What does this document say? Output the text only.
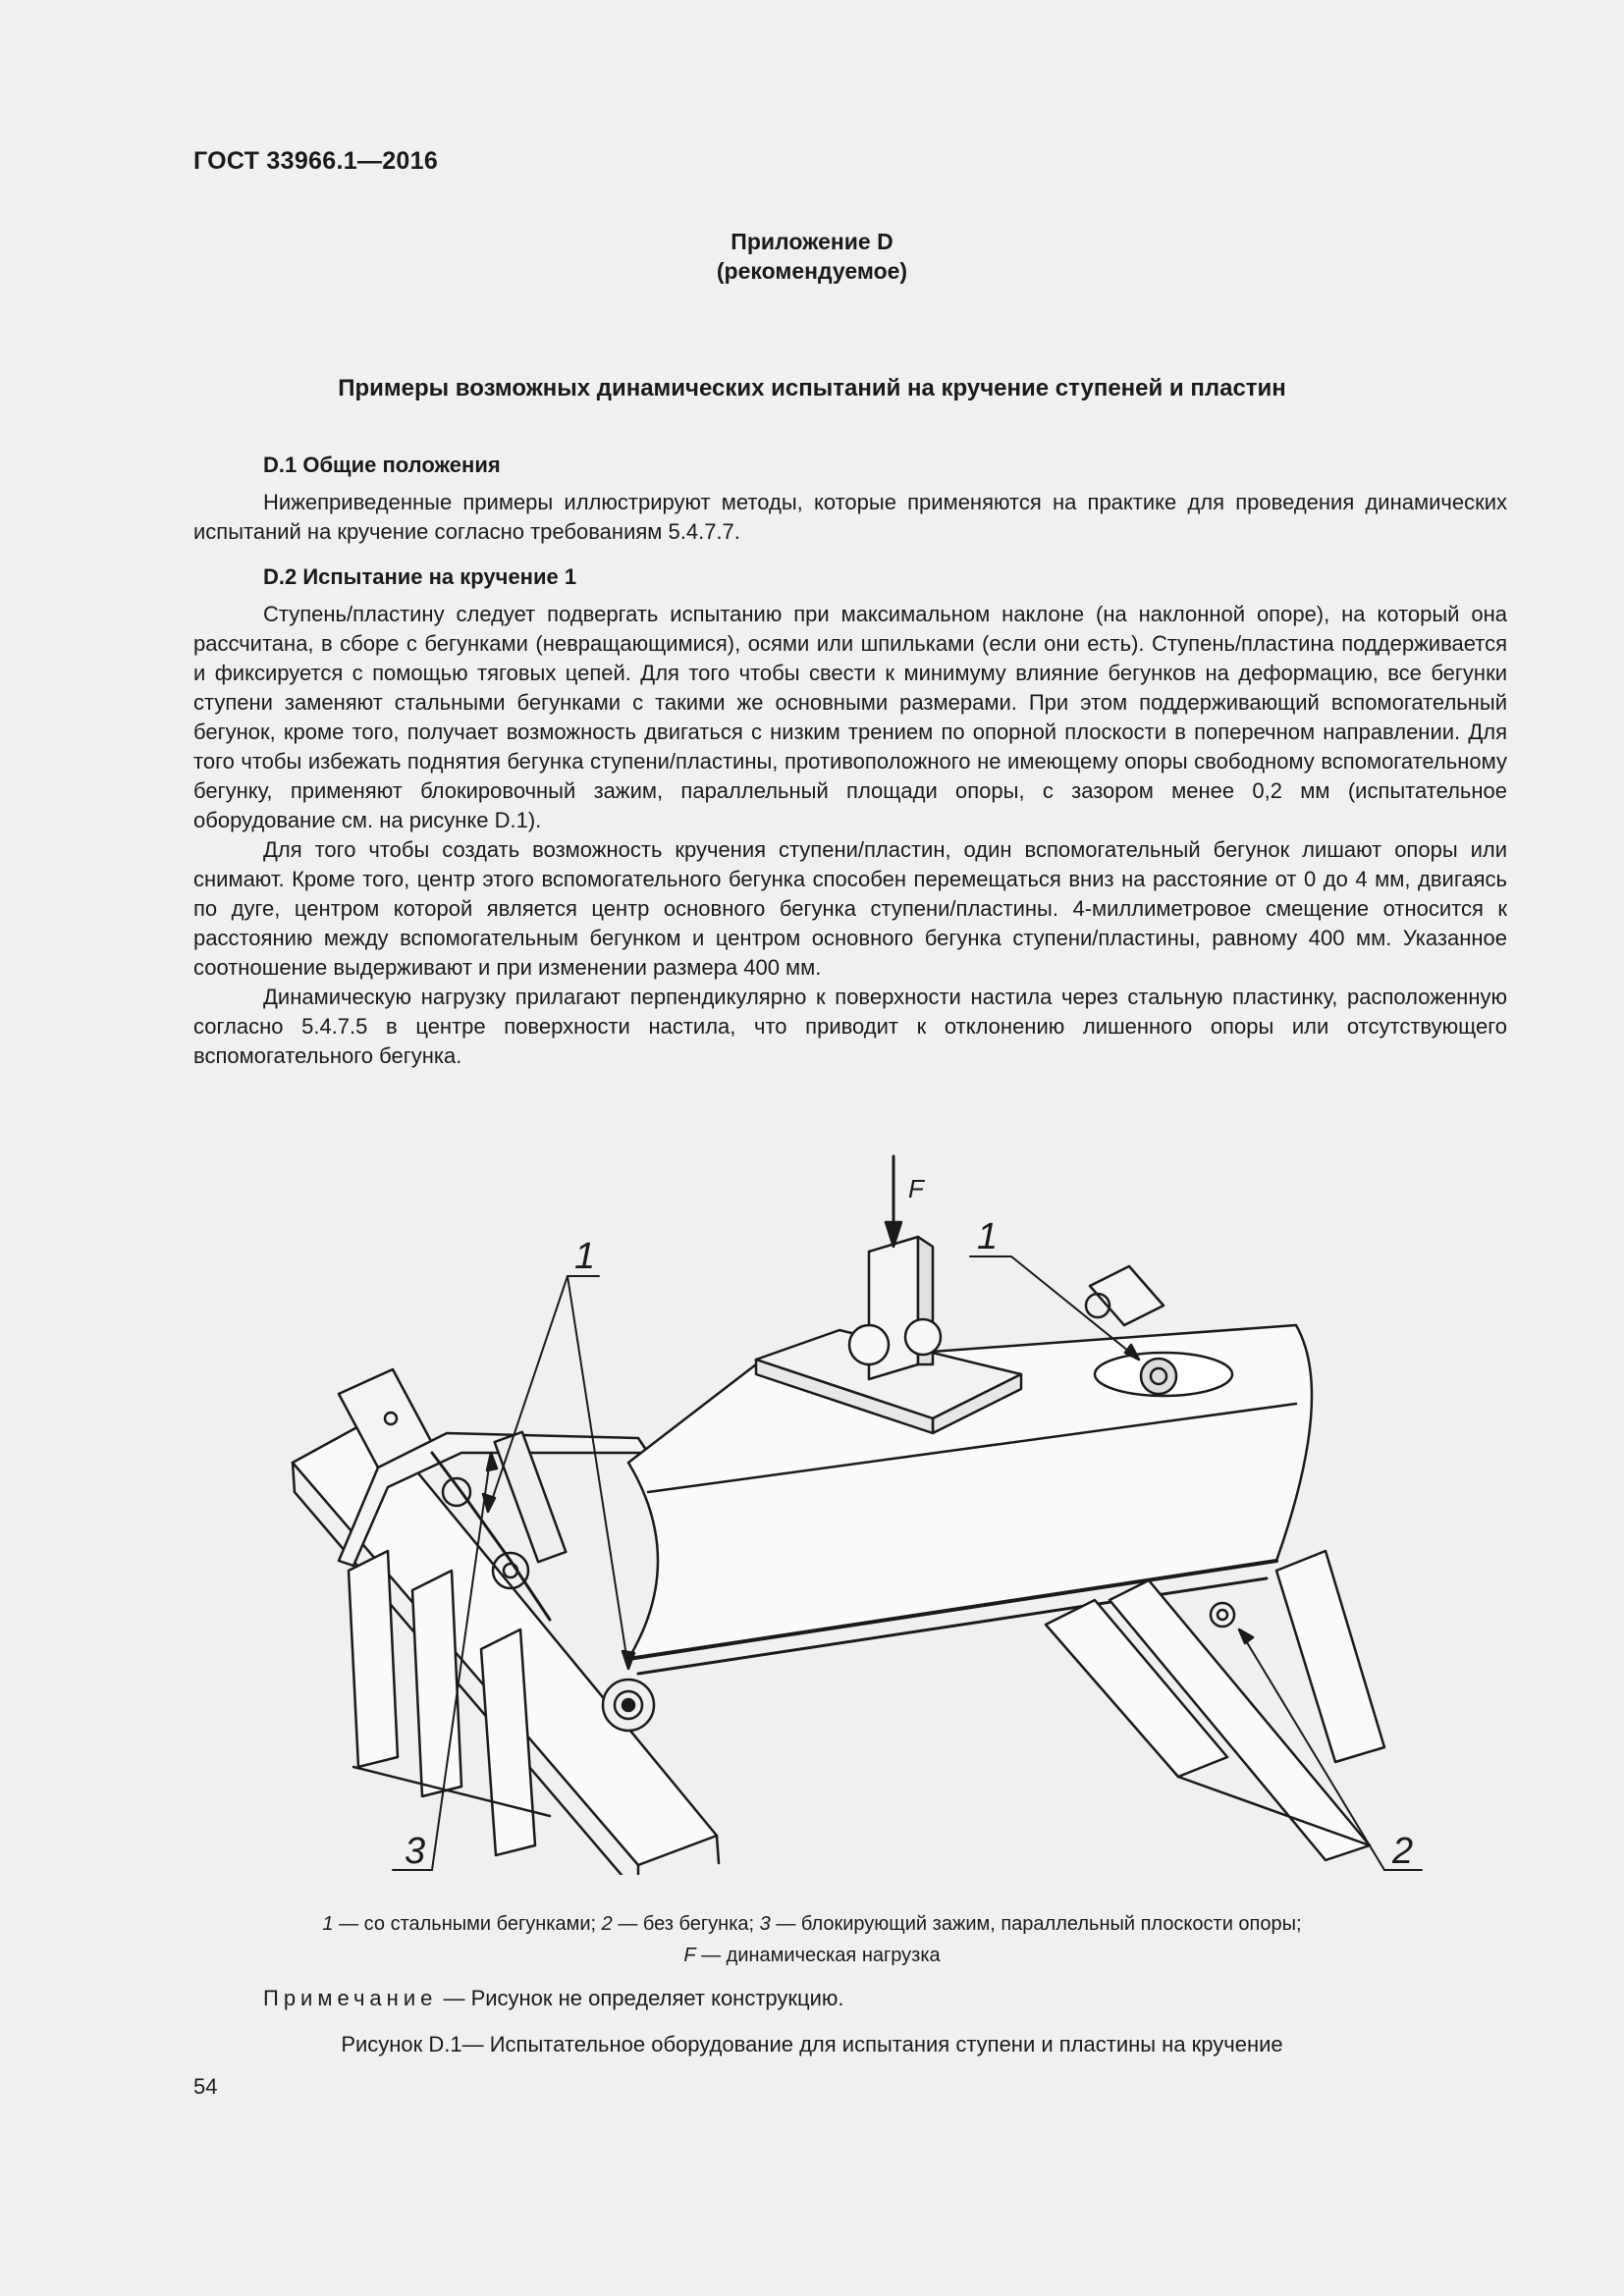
ГОСТ 33966.1—2016
Приложение D
(рекомендуемое)
Примеры возможных динамических испытаний на кручение ступеней и пластин
D.1 Общие положения

Нижеприведенные примеры иллюстрируют методы, которые применяются на практике для проведения динамических испытаний на кручение согласно требованиям 5.4.7.7.

D.2 Испытание на кручение 1

Ступень/пластину следует подвергать испытанию при максимальном наклоне (на наклонной опоре), на который она рассчитана, в сборе с бегунками (невращающимися), осями или шпильками (если они есть). Ступень/пластина поддерживается и фиксируется с помощью тяговых цепей. Для того чтобы свести к минимуму влияние бегунков на деформацию, все бегунки ступени заменяют стальными бегунками с такими же основными размерами. При этом поддерживающий вспомогательный бегунок, кроме того, получает возможность двигаться с низким трением по опорной плоскости в поперечном направлении. Для того чтобы избежать поднятия бегунка ступени/пластины, противоположного не имеющему опоры свободному вспомогательному бегунку, применяют блокировочный зажим, параллельный площади опоры, с зазором менее 0,2 мм (испытательное оборудование см. на рисунке D.1).

Для того чтобы создать возможность кручения ступени/пластин, один вспомогательный бегунок лишают опоры или снимают. Кроме того, центр этого вспомогательного бегунка способен перемещаться вниз на расстояние от 0 до 4 мм, двигаясь по дуге, центром которой является центр основного бегунка ступени/пластины. 4-миллиметровое смещение относится к расстоянию между вспомогательным бегунком и центром основного бегунка ступени/пластины, равному 400 мм. Указанное соотношение выдерживают и при изменении размера 400 мм.

Динамическую нагрузку прилагают перпендикулярно к поверхности настила через стальную пластинку, расположенную согласно 5.4.7.5 в центре поверхности настила, что приводит к отклонению лишенного опоры или отсутствующего вспомогательного бегунка.

F
1	1
3	2
1 — со стальными бегунками; 2 — без бегунка; 3 — блокирующий зажим, параллельный плоскости опоры;
F — динамическая нагрузка
Примечание — Рисунок не определяет конструкцию.
Рисунок D.1— Испытательное оборудование для испытания ступени и пластины на кручение
54
